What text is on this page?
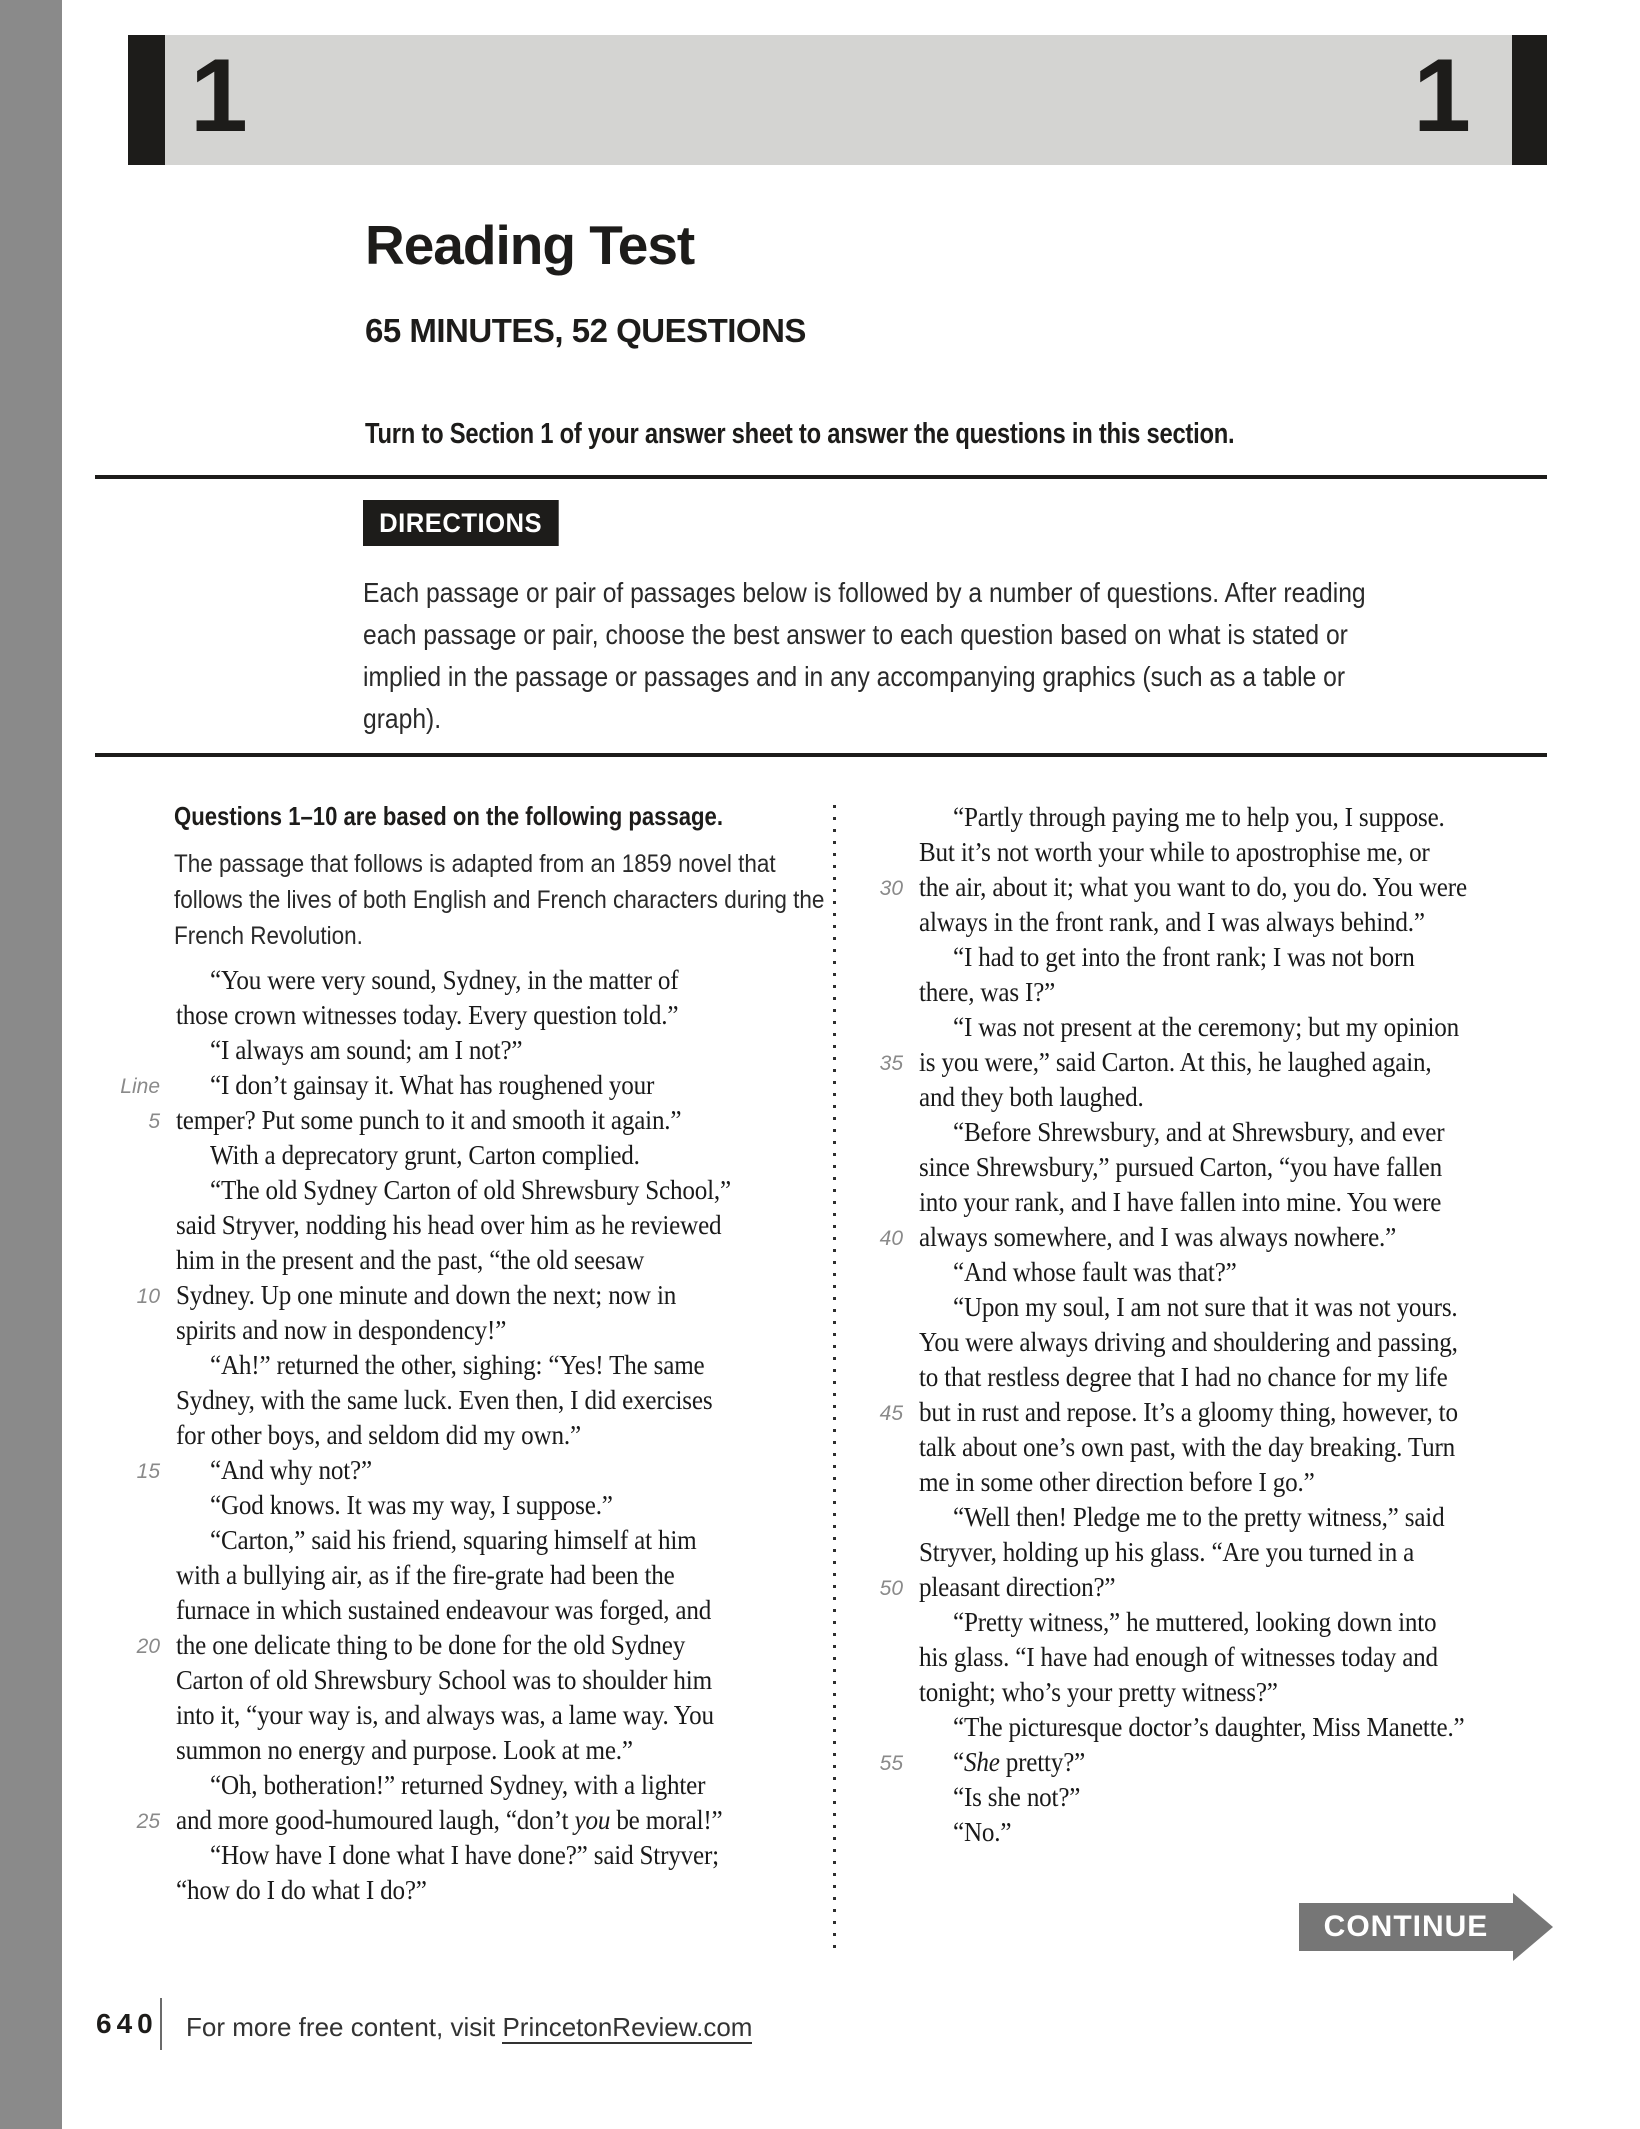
1	1
Reading Test
65 MINUTES, 52 QUESTIONS
Turn to Section 1 of your answer sheet to answer the questions in this section.
DIRECTIONS
Each passage or pair of passages below is followed by a number of questions. After reading each passage or pair, choose the best answer to each question based on what is stated or implied in the passage or passages and in any accompanying graphics (such as a table or graph).
Questions 1–10 are based on the following passage.
The passage that follows is adapted from an 1859 novel that follows the lives of both English and French characters during the French Revolution.
“You were very sound, Sydney, in the matter of
those crown witnesses today. Every question told.”
“I always am sound; am I not?”
Line “I don’t gainsay it. What has roughened your
5 temper? Put some punch to it and smooth it again.”
With a deprecatory grunt, Carton complied.
“The old Sydney Carton of old Shrewsbury School,”
said Stryver, nodding his head over him as he reviewed
him in the present and the past, “the old seesaw
10 Sydney. Up one minute and down the next; now in
spirits and now in despondency!”
“Ah!” returned the other, sighing: “Yes! The same
Sydney, with the same luck. Even then, I did exercises
for other boys, and seldom did my own.”
15 “And why not?”
“God knows. It was my way, I suppose.”
“Carton,” said his friend, squaring himself at him
with a bullying air, as if the fire-grate had been the
furnace in which sustained endeavour was forged, and
20 the one delicate thing to be done for the old Sydney
Carton of old Shrewsbury School was to shoulder him
into it, “your way is, and always was, a lame way. You
summon no energy and purpose. Look at me.”
“Oh, botheration!” returned Sydney, with a lighter
25 and more good-humoured laugh, “don’t you be moral!”
“How have I done what I have done?” said Stryver;
“how do I do what I do?”
“Partly through paying me to help you, I suppose.
But it’s not worth your while to apostrophise me, or
30 the air, about it; what you want to do, you do. You were
always in the front rank, and I was always behind.”
“I had to get into the front rank; I was not born
there, was I?”
“I was not present at the ceremony; but my opinion
35 is you were,” said Carton. At this, he laughed again,
and they both laughed.
“Before Shrewsbury, and at Shrewsbury, and ever
since Shrewsbury,” pursued Carton, “you have fallen
into your rank, and I have fallen into mine. You were
40 always somewhere, and I was always nowhere.”
“And whose fault was that?”
“Upon my soul, I am not sure that it was not yours.
You were always driving and shouldering and passing,
to that restless degree that I had no chance for my life
45 but in rust and repose. It’s a gloomy thing, however, to
talk about one’s own past, with the day breaking. Turn
me in some other direction before I go.”
“Well then! Pledge me to the pretty witness,” said
Stryver, holding up his glass. “Are you turned in a
50 pleasant direction?”
“Pretty witness,” he muttered, looking down into
his glass. “I have had enough of witnesses today and
tonight; who’s your pretty witness?”
“The picturesque doctor’s daughter, Miss Manette.”
55 “She pretty?”
“Is she not?”
“No.”
CONTINUE
640 For more free content, visit PrincetonReview.com
